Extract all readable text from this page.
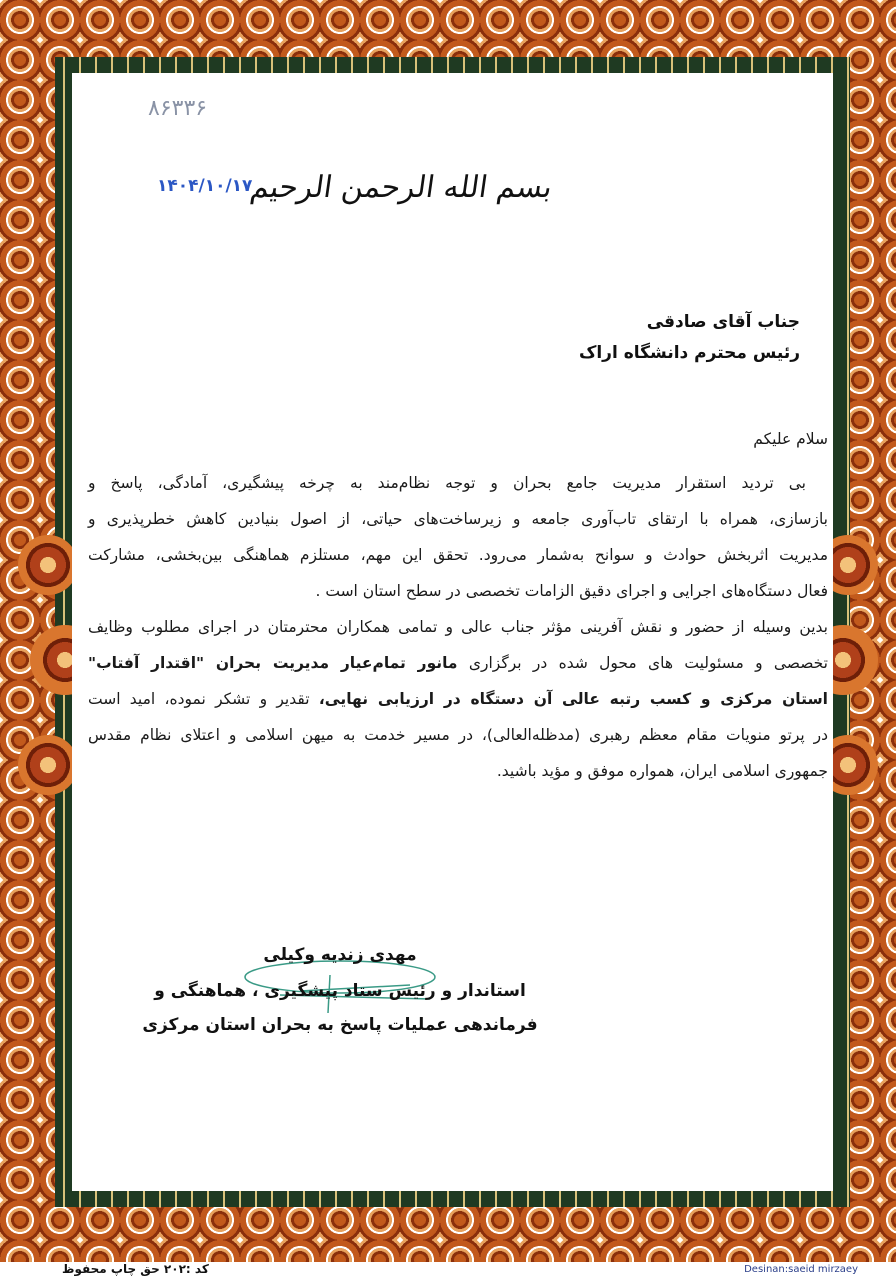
۸۶۳۳۶
۱۴۰۴/۱۰/۱۷
بسم الله الرحمن الرحیم
جناب آقای صادقی
رئیس محترم دانشگاه اراک
سلام علیکم
بی تردید استقرار مدیریت جامع بحران و توجه نظام‌مند به چرخه پیشگیری، آمادگی، پاسخ و
بازسازی، همراه با ارتقای تاب‌آوری جامعه و زیرساخت‌های حیاتی، از اصول بنیادین کاهش خطرپذیری و
مدیریت اثربخش حوادث و سوانح به‌شمار می‌رود. تحقق این مهم، مستلزم هماهنگی بین‌بخشی، مشارکت
فعال دستگاه‌های اجرایی و اجرای دقیق الزامات تخصصی در سطح استان است .
بدین وسیله از حضور و نقش آفرینی مؤثر جناب عالی و تمامی همکاران محترمتان در اجرای مطلوب وظایف
تخصصی و مسئولیت های محول شده در برگزاری مانور تمام‌عیار مدیریت بحران "اقتدار آفتاب"
استان مرکزی و کسب رتبه عالی آن دستگاه در ارزیابی نهایی، تقدیر و تشکر نموده، امید است
در پرتو منویات مقام معظم رهبری (مدظله‌العالی)، در مسیر خدمت به میهن اسلامی و اعتلای نظام مقدس
جمهوری اسلامی ایران، همواره موفق و مؤید باشید.
مهدی زندیه وکیلی
استاندار و رئیس ستاد پیشگیری ، هماهنگی و
فرماندهی عملیات پاسخ به بحران استان مرکزی
کد :۲۰۲ حق چاپ محفوظ	Desinan:saeid mirzaey
